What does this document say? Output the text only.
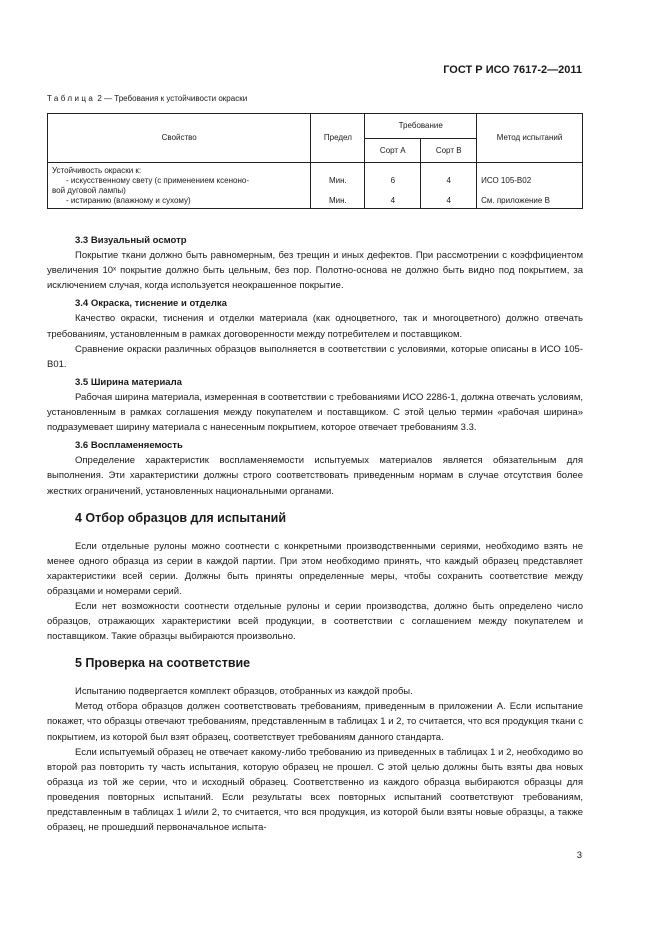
ГОСТ Р ИСО 7617-2—2011
Таблица 2 — Требования к устойчивости окраски
Свойство	Предел	Требование		Метод испытаний
		Сорт A	Сорт B	
Устойчивость окраски к:				
- искусственному свету (с применением ксеноно-	Мин.	6	4	ИСО 105-B02
вой дуговой лампы)				
- истиранию (влажному и сухому)	Мин.	4	4	См. приложение В
3.3 Визуальный осмотр

Покрытие ткани должно быть равномерным, без трещин и иных дефектов. При рассмотрении с коэффициентом увеличения 10ˣ покрытие должно быть цельным, без пор. Полотно-основа не должно быть видно под покрытием, за исключением случая, когда используется неокрашенное покрытие.

3.4 Окраска, тиснение и отделка

Качество окраски, тиснения и отделки материала (как одноцветного, так и многоцветного) должно отвечать требованиям, установленным в рамках договоренности между потребителем и поставщиком.

Сравнение окраски различных образцов выполняется в соответствии с условиями, которые описаны в ИСО 105-B01.

3.5 Ширина материала

Рабочая ширина материала, измеренная в соответствии с требованиями ИСО 2286-1, должна отвечать условиям, установленным в рамках соглашения между покупателем и поставщиком. С этой целью термин «рабочая ширина» подразумевает ширину материала с нанесенным покрытием, которое отвечает требованиям 3.3.

3.6 Воспламеняемость

Определение характеристик воспламеняемости испытуемых материалов является обязательным для выполнения. Эти характеристики должны строго соответствовать приведенным нормам в случае отсутствия более жестких ограничений, установленных национальными органами.

4 Отбор образцов для испытаний

Если отдельные рулоны можно соотнести с конкретными производственными сериями, необходимо взять не менее одного образца из серии в каждой партии. При этом необходимо принять, что каждый образец представляет характеристики всей серии. Должны быть приняты определенные меры, чтобы сохранить соответствие между образцами и номерами серий.

Если нет возможности соотнести отдельные рулоны и серии производства, должно быть определено число образцов, отражающих характеристики всей продукции, в соответствии с соглашением между покупателем и поставщиком. Такие образцы выбираются произвольно.

5 Проверка на соответствие

Испытанию подвергается комплект образцов, отобранных из каждой пробы.

Метод отбора образцов должен соответствовать требованиям, приведенным в приложении А. Если испытание покажет, что образцы отвечают требованиям, представленным в таблицах 1 и 2, то считается, что вся продукция ткани с покрытием, из которой был взят образец, соответствует требованиям данного стандарта.

Если испытуемый образец не отвечает какому-либо требованию из приведенных в таблицах 1 и 2, необходимо во второй раз повторить ту часть испытания, которую образец не прошел. С этой целью должны быть взяты два новых образца из той же серии, что и исходный образец. Соответственно из каждого образца выбираются образцы для проведения повторных испытаний. Если результаты всех повторных испытаний соответствуют требованиям, представленным в таблицах 1 и/или 2, то считается, что вся продукция, из которой были взяты новые образцы, а также образец, не прошедший первоначальное испыта-

3
